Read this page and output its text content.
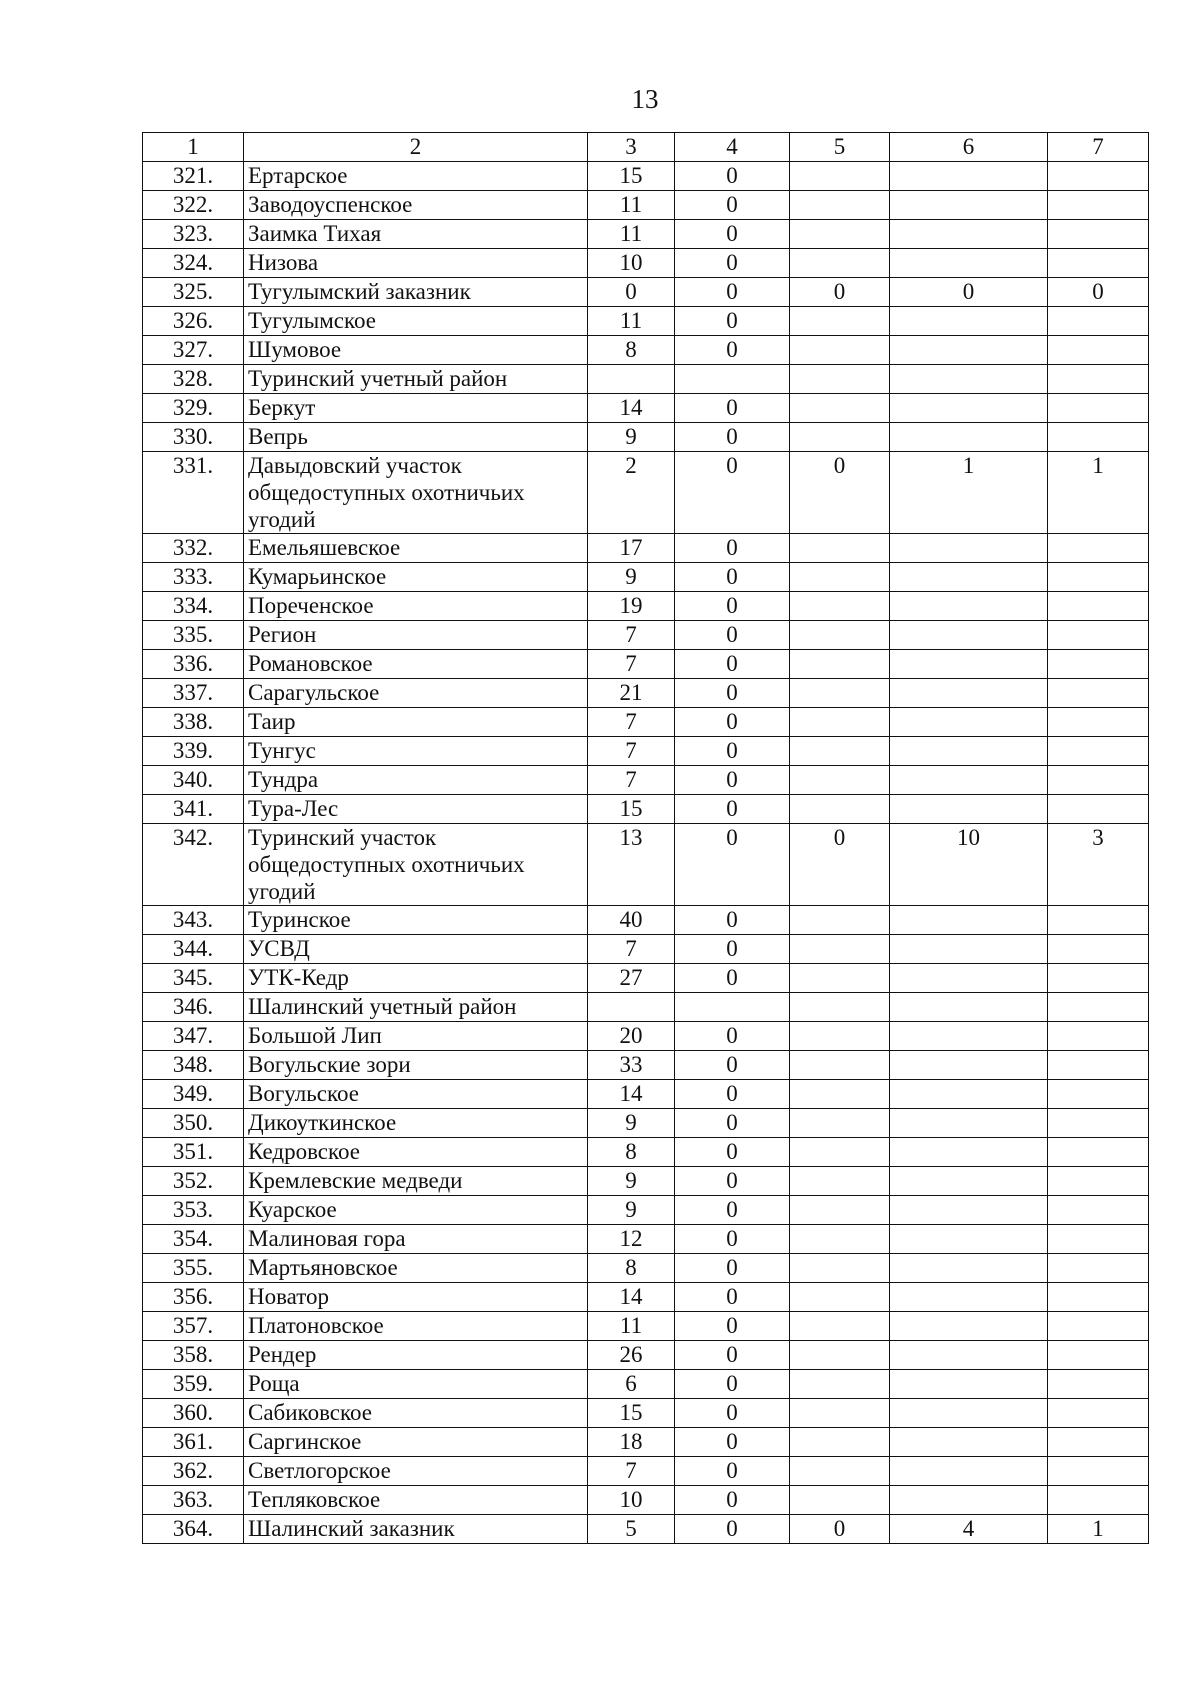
13
1	2	3	4	5	6	7
321.	Ертарское	15	0			
322.	Заводоуспенское	11	0			
323.	Заимка Тихая	11	0			
324.	Низова	10	0			
325.	Тугулымский заказник	0	0	0	0	0
326.	Тугулымское	11	0			
327.	Шумовое	8	0			
328.	Туринский учетный район					
329.	Беркут	14	0			
330.	Вепрь	9	0			
331.	Давыдовский участок общедоступных охотничьих угодий	2	0	0	1	1
332.	Емельяшевское	17	0			
333.	Кумарьинское	9	0			
334.	Пореченское	19	0			
335.	Регион	7	0			
336.	Романовское	7	0			
337.	Сарагульское	21	0			
338.	Таир	7	0			
339.	Тунгус	7	0			
340.	Тундра	7	0			
341.	Тура-Лес	15	0			
342.	Туринский участок общедоступных охотничьих угодий	13	0	0	10	3
343.	Туринское	40	0			
344.	УСВД	7	0			
345.	УТК-Кедр	27	0			
346.	Шалинский учетный район					
347.	Большой Лип	20	0			
348.	Вогульские зори	33	0			
349.	Вогульское	14	0			
350.	Дикоуткинское	9	0			
351.	Кедровское	8	0			
352.	Кремлевские медведи	9	0			
353.	Куарское	9	0			
354.	Малиновая гора	12	0			
355.	Мартьяновское	8	0			
356.	Новатор	14	0			
357.	Платоновское	11	0			
358.	Рендер	26	0			
359.	Роща	6	0			
360.	Сабиковское	15	0			
361.	Саргинское	18	0			
362.	Светлогорское	7	0			
363.	Тепляковское	10	0			
364.	Шалинский заказник	5	0	0	4	1
